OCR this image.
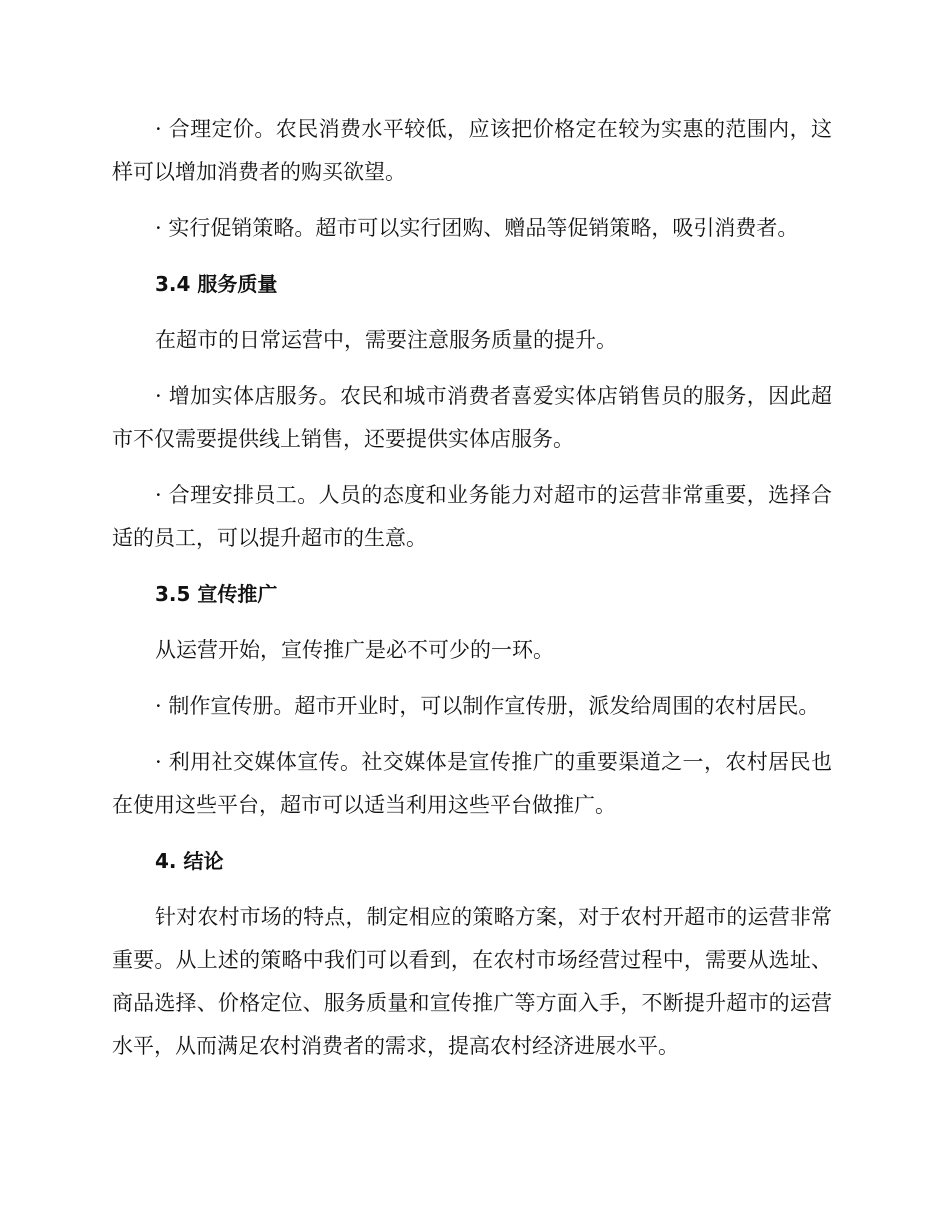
· 合理定价。农民消费水平较低，应该把价格定在较为实惠的范围内，这样可以增加消费者的购买欲望。

· 实行促销策略。超市可以实行团购、赠品等促销策略，吸引消费者。

3.4 服务质量

在超市的日常运营中，需要注意服务质量的提升。

· 增加实体店服务。农民和城市消费者喜爱实体店销售员的服务，因此超市不仅需要提供线上销售，还要提供实体店服务。

· 合理安排员工。人员的态度和业务能力对超市的运营非常重要，选择合适的员工，可以提升超市的生意。

3.5 宣传推广

从运营开始，宣传推广是必不可少的一环。

· 制作宣传册。超市开业时，可以制作宣传册，派发给周围的农村居民。

· 利用社交媒体宣传。社交媒体是宣传推广的重要渠道之一，农村居民也在使用这些平台，超市可以适当利用这些平台做推广。

4. 结论

针对农村市场的特点，制定相应的策略方案，对于农村开超市的运营非常重要。从上述的策略中我们可以看到，在农村市场经营过程中，需要从选址、商品选择、价格定位、服务质量和宣传推广等方面入手，不断提升超市的运营水平，从而满足农村消费者的需求，提高农村经济进展水平。
